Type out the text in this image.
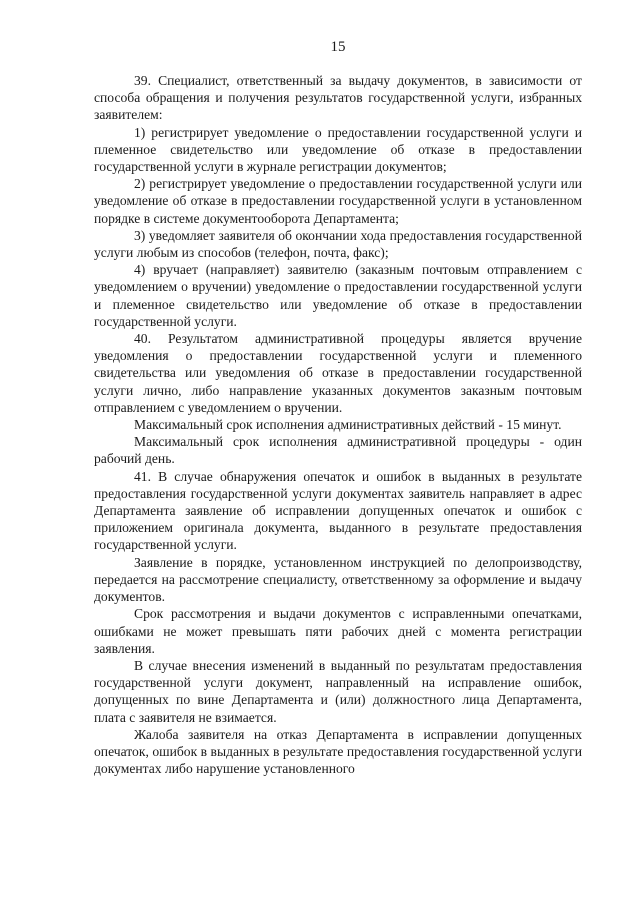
15

39. Специалист, ответственный за выдачу документов, в зависимости от способа обращения и получения результатов государственной услуги, избранных заявителем:

1) регистрирует уведомление о предоставлении государственной услуги и племенное свидетельство или уведомление об отказе в предоставлении государственной услуги в журнале регистрации документов;

2) регистрирует уведомление о предоставлении государственной услуги или уведомление об отказе в предоставлении государственной услуги в установленном порядке в системе документооборота Департамента;

3) уведомляет заявителя об окончании хода предоставления государственной услуги любым из способов (телефон, почта, факс);

4) вручает (направляет) заявителю (заказным почтовым отправлением с уведомлением о вручении) уведомление о предоставлении государственной услуги и племенное свидетельство или уведомление об отказе в предоставлении государственной услуги.

40. Результатом административной процедуры является вручение уведомления о предоставлении государственной услуги и племенного свидетельства или уведомления об отказе в предоставлении государственной услуги лично, либо направление указанных документов заказным почтовым отправлением с уведомлением о вручении.

Максимальный срок исполнения административных действий - 15 минут.

Максимальный срок исполнения административной процедуры - один рабочий день.

41. В случае обнаружения опечаток и ошибок в выданных в результате предоставления государственной услуги документах заявитель направляет в адрес Департамента заявление об исправлении допущенных опечаток и ошибок с приложением оригинала документа, выданного в результате предоставления государственной услуги.

Заявление в порядке, установленном инструкцией по делопроизводству, передается на рассмотрение специалисту, ответственному за оформление и выдачу документов.

Срок рассмотрения и выдачи документов с исправленными опечатками, ошибками не может превышать пяти рабочих дней с момента регистрации заявления.

В случае внесения изменений в выданный по результатам предоставления государственной услуги документ, направленный на исправление ошибок, допущенных по вине Департамента и (или) должностного лица Департамента, плата с заявителя не взимается.

Жалоба заявителя на отказ Департамента в исправлении допущенных опечаток, ошибок в выданных в результате предоставления государственной услуги документах либо нарушение установленного
